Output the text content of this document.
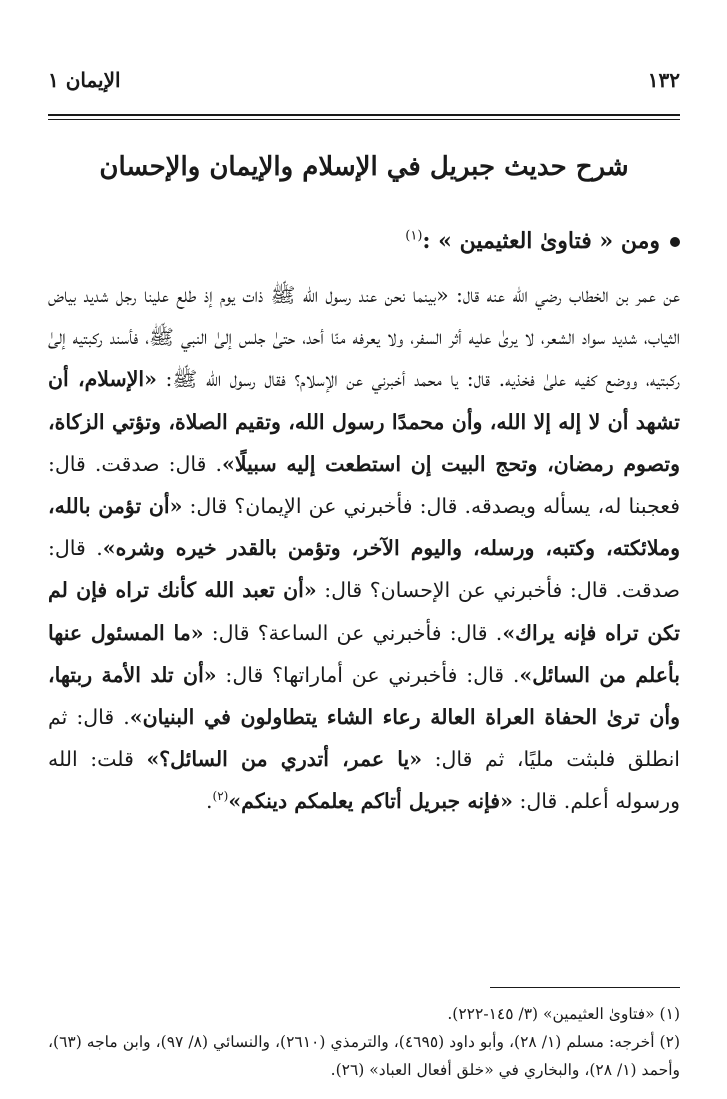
١٣٢
الإيمان ١
شرح حديث جبريل في الإسلام والإيمان والإحسان
ومن « فتاوىٰ العثيمين » :$^{(١)}$
عن عمر بن الخطاب رضي الله عنه قال: «بينما نحن عند رسول الله ﷺ ذات يوم إذ طلع علينا رجل شديد بياض الثياب، شديد سواد الشعر، لا يرىٰ عليه أثر السفر، ولا يعرفه منّا أحد، حتىٰ جلس إلىٰ النبي ﷺ، فأسند ركبتيه إلىٰ ركبتيه، ووضع كفيه علىٰ فخذيه. قال: يا محمد أخبرني عن الإسلام؟ فقال رسول الله ﷺ: «الإسلام، أن تشهد أن لا إله إلا الله، وأن محمدًا رسول الله، وتقيم الصلاة، وتؤتي الزكاة، وتصوم رمضان، وتحج البيت إن استطعت إليه سبيلًا». قال: صدقت. قال: فعجبنا له، يسأله ويصدقه. قال: فأخبرني عن الإيمان؟ قال: «أن تؤمن بالله، وملائكته، وكتبه، ورسله، واليوم الآخر، وتؤمن بالقدر خيره وشره». قال: صدقت. قال: فأخبرني عن الإحسان؟ قال: «أن تعبد الله كأنك تراه فإن لم تكن تراه فإنه يراك». قال: فأخبرني عن الساعة؟ قال: «ما المسئول عنها بأعلم من السائل». قال: فأخبرني عن أماراتها؟ قال: «أن تلد الأمة ربتها، وأن ترىٰ الحفاة العراة العالة رعاء الشاء يتطاولون في البنيان». قال: ثم انطلق فلبثت مليًا، ثم قال: «يا عمر، أتدري من السائل؟» قلت: الله ورسوله أعلم. قال: «فإنه جبريل أتاكم يعلمكم دينكم»$^{(٢)}$.

(١) «فتاوىٰ العثيمين» (٣/ ١٤٥-٢٢٢).

(٢) أخرجه: مسلم (١/ ٢٨)، وأبو داود (٤٦٩٥)، والترمذي (٢٦١٠)، والنسائي (٨/ ٩٧)، وابن ماجه (٦٣)، وأحمد (١/ ٢٨)، والبخاري في «خلق أفعال العباد» (٢٦).
